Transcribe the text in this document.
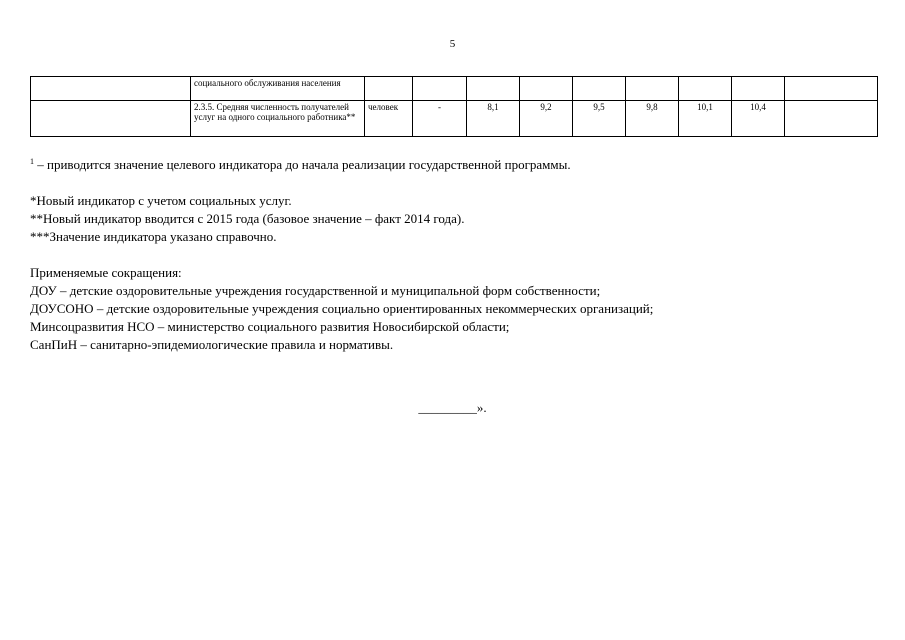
5
	социального обслуживания населения									
	2.3.5. Средняя численность получателей услуг на одного социального работника**	человек	-	8,1	9,2	9,5	9,8	10,1	10,4	

$^1$ – приводится значение целевого индикатора до начала реализации государственной программы.

*Новый индикатор с учетом социальных услуг.

**Новый индикатор вводится с 2015 года (базовое значение – факт 2014 года).

***Значение индикатора указано справочно.

Применяемые сокращения:

ДОУ – детские оздоровительные учреждения государственной и муниципальной форм собственности;

ДОУСОНО – детские оздоровительные учреждения социально ориентированных некоммерческих организаций;

Минсоцразвития НСО – министерство социального развития Новосибирской области;

СанПиН – санитарно-эпидемиологические правила и нормативы.

_________».
